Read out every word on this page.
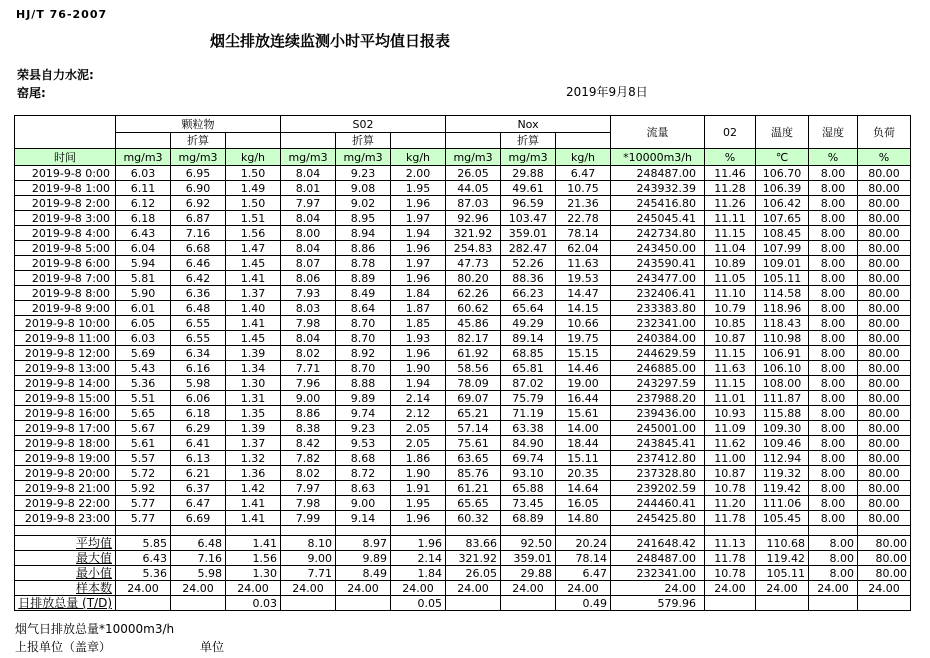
HJ/T 76-2007
烟尘排放连续监测小时平均值日报表
荣县自力水泥:
窑尾:	2019年9月8日
	颗粒物			S02			Nox			流量	02	温度	湿度	负荷
		折算			折算			折算						
时间	mg/m3	mg/m3	kg/h	mg/m3	mg/m3	kg/h	mg/m3	mg/m3	kg/h	*10000m3/h	%	℃	%	%
2019-9-8 0:00	6.03	6.95	1.50	8.04	9.23	2.00	26.05	29.88	6.47	248487.00	11.46	106.70	8.00	80.00
2019-9-8 1:00	6.11	6.90	1.49	8.01	9.08	1.95	44.05	49.61	10.75	243932.39	11.28	106.39	8.00	80.00
2019-9-8 2:00	6.12	6.92	1.50	7.97	9.02	1.96	87.03	96.59	21.36	245416.80	11.26	106.42	8.00	80.00
2019-9-8 3:00	6.18	6.87	1.51	8.04	8.95	1.97	92.96	103.47	22.78	245045.41	11.11	107.65	8.00	80.00
2019-9-8 4:00	6.43	7.16	1.56	8.00	8.94	1.94	321.92	359.01	78.14	242734.80	11.15	108.45	8.00	80.00
2019-9-8 5:00	6.04	6.68	1.47	8.04	8.86	1.96	254.83	282.47	62.04	243450.00	11.04	107.99	8.00	80.00
2019-9-8 6:00	5.94	6.46	1.45	8.07	8.78	1.97	47.73	52.26	11.63	243590.41	10.89	109.01	8.00	80.00
2019-9-8 7:00	5.81	6.42	1.41	8.06	8.89	1.96	80.20	88.36	19.53	243477.00	11.05	105.11	8.00	80.00
2019-9-8 8:00	5.90	6.36	1.37	7.93	8.49	1.84	62.26	66.23	14.47	232406.41	11.10	114.58	8.00	80.00
2019-9-8 9:00	6.01	6.48	1.40	8.03	8.64	1.87	60.62	65.64	14.15	233383.80	10.79	118.96	8.00	80.00
2019-9-8 10:00	6.05	6.55	1.41	7.98	8.70	1.85	45.86	49.29	10.66	232341.00	10.85	118.43	8.00	80.00
2019-9-8 11:00	6.03	6.55	1.45	8.04	8.70	1.93	82.17	89.14	19.75	240384.00	10.87	110.98	8.00	80.00
2019-9-8 12:00	5.69	6.34	1.39	8.02	8.92	1.96	61.92	68.85	15.15	244629.59	11.15	106.91	8.00	80.00
2019-9-8 13:00	5.43	6.16	1.34	7.71	8.70	1.90	58.56	65.81	14.46	246885.00	11.63	106.10	8.00	80.00
2019-9-8 14:00	5.36	5.98	1.30	7.96	8.88	1.94	78.09	87.02	19.00	243297.59	11.15	108.00	8.00	80.00
2019-9-8 15:00	5.51	6.06	1.31	9.00	9.89	2.14	69.07	75.79	16.44	237988.20	11.01	111.87	8.00	80.00
2019-9-8 16:00	5.65	6.18	1.35	8.86	9.74	2.12	65.21	71.19	15.61	239436.00	10.93	115.88	8.00	80.00
2019-9-8 17:00	5.67	6.29	1.39	8.38	9.23	2.05	57.14	63.38	14.00	245001.00	11.09	109.30	8.00	80.00
2019-9-8 18:00	5.61	6.41	1.37	8.42	9.53	2.05	75.61	84.90	18.44	243845.41	11.62	109.46	8.00	80.00
2019-9-8 19:00	5.57	6.13	1.32	7.82	8.68	1.86	63.65	69.74	15.11	237412.80	11.00	112.94	8.00	80.00
2019-9-8 20:00	5.72	6.21	1.36	8.02	8.72	1.90	85.76	93.10	20.35	237328.80	10.87	119.32	8.00	80.00
2019-9-8 21:00	5.92	6.37	1.42	7.97	8.63	1.91	61.21	65.88	14.64	239202.59	10.78	119.42	8.00	80.00
2019-9-8 22:00	5.77	6.47	1.41	7.98	9.00	1.95	65.65	73.45	16.05	244460.41	11.20	111.06	8.00	80.00
2019-9-8 23:00	5.77	6.69	1.41	7.99	9.14	1.96	60.32	68.89	14.80	245425.80	11.78	105.45	8.00	80.00

平均值	5.85	6.48	1.41	8.10	8.97	1.96	83.66	92.50	20.24	241648.42	11.13	110.68	8.00	80.00

最大值	6.43	7.16	1.56	9.00	9.89	2.14	321.92	359.01	78.14	248487.00	11.78	119.42	8.00	80.00

最小值	5.36	5.98	1.30	7.71	8.49	1.84	26.05	29.88	6.47	232341.00	10.78	105.11	8.00	80.00

样本数	24.00	24.00	24.00	24.00	24.00	24.00	24.00	24.00	24.00	24.00	24.00	24.00	24.00	24.00

日排放总量 (T/D)			0.03			0.05			0.49	579.96				
烟气日排放总量*10000m3/h
上报单位（盖章）	单位
